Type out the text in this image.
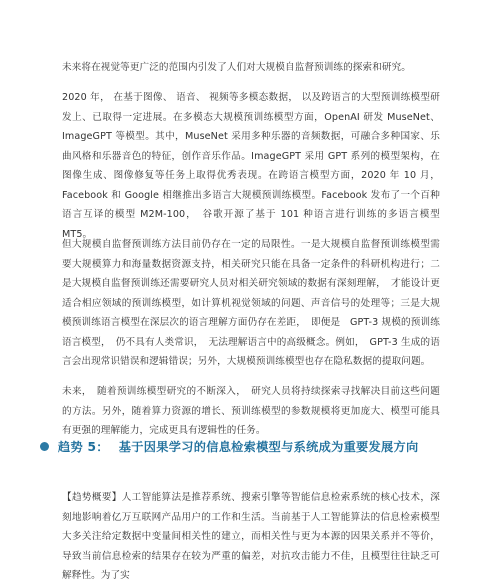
未来将在视觉等更广泛的范围内引发了人们对大规模自监督预训练的探索和研究。

2020 年， 在基于图像、 语音、 视频等多模态数据， 以及跨语言的大型预训练模型研发上、已取得一定进展。在多模态大规模预训练模型方面，OpenAI 研发 MuseNet、ImageGPT 等模型。其中，MuseNet 采用多种乐器的音频数据，可融合多种国家、乐曲风格和乐器音色的特征，创作音乐作品。ImageGPT 采用 GPT 系列的模型架构，在图像生成、图像修复等任务上取得优秀表现。在跨语言模型方面，2020 年 10 月，Facebook 和 Google 相继推出多语言大规模预训练模型。Facebook 发布了一个百种语言互译的模型 M2M-100，　谷歌开源了基于 101 种语言进行训练的多语言模型 MT5。

但大规模自监督预训练方法目前仍存在一定的局限性。一是大规模自监督预训练模型需要大规模算力和海量数据资源支持，相关研究只能在具备一定条件的科研机构进行；二是大规模自监督预训练还需要研究人员对相关研究领域的数据有深刻理解，　才能设计更适合相应领域的预训练模型，如计算机视觉领域的问题、声音信号的处理等；三是大规模预训练语言模型在深层次的语言理解方面仍存在差距，　即便是　GPT-3 规模的预训练语言模型，　仍不具有人类常识，　无法理解语言中的高级概念。例如，　GPT-3 生成的语言会出现常识错误和逻辑错误；另外，大规模预训练模型也存在隐私数据的提取问题。

未来，　随着预训练模型研究的不断深入，　研究人员将持续探索寻找解决目前这些问题的方法。另外，随着算力资源的增长、预训练模型的参数规模将更加庞大、模型可能具有更强的理解能力，完成更具有逻辑性的任务。

趋势 5： 基于因果学习的信息检索模型与系统成为重要发展方向

【趋势概要】人工智能算法是推荐系统、搜索引擎等智能信息检索系统的核心技术，深刻地影响着亿万互联网产品用户的工作和生活。当前基于人工智能算法的信息检索模型大多关注给定数据中变量间相关性的建立，而相关性与更为本源的因果关系并不等价，导致当前信息检索的结果存在较为严重的偏差，对抗攻击能力不佳，且模型往往缺乏可解释性。为了实
